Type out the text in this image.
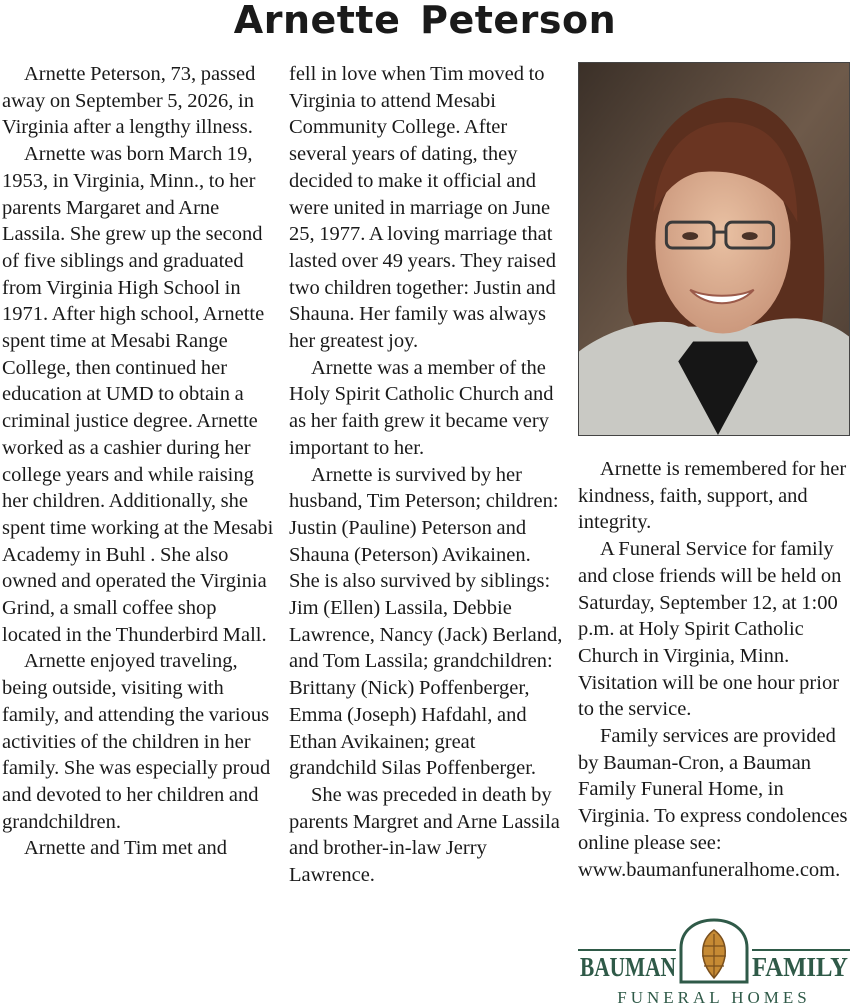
Arnette Peterson

Arnette Peterson, 73, passed away on September 5, 2026, in Virginia after a lengthy illness.

Arnette was born March 19, 1953, in Virginia, Minn., to her parents Margaret and Arne Lassila. She grew up the second of five siblings and graduated from Virginia High School in 1971. After high school, Arnette spent time at Mesabi Range College, then continued her education at UMD to obtain a criminal justice degree. Arnette worked as a cashier during her college years and while raising her children. Additionally, she spent time working at the Mesabi Academy in Buhl . She also owned and operated the Virginia Grind, a small coffee shop located in the Thunderbird Mall.

Arnette enjoyed traveling, being outside, visiting with family, and attending the various activities of the children in her family. She was especially proud and devoted to her children and grandchildren.

Arnette and Tim met and

fell in love when Tim moved to Virginia to attend Mesabi Community College. After several years of dating, they decided to make it official and were united in marriage on June 25, 1977. A loving marriage that lasted over 49 years. They raised two children together: Justin and Shauna. Her family was always her greatest joy.

Arnette was a member of the Holy Spirit Catholic Church and as her faith grew it became very important to her.

Arnette is survived by her husband, Tim Peterson; children: Justin (Pauline) Peterson and Shauna (Peterson) Avikainen. She is also survived by siblings: Jim (Ellen) Lassila, Debbie Lawrence, Nancy (Jack) Berland, and Tom Lassila; grandchildren: Brittany (Nick) Poffenberger, Emma (Joseph) Hafdahl, and Ethan Avikainen; great grandchild Silas Poffenberger.

She was preceded in death by parents Margret and Arne Lassila and brother-in-law Jerry Lawrence.

Arnette is remembered for her kindness, faith, support, and integrity.

A Funeral Service for family and close friends will be held on Saturday, September 12, at 1:00 p.m. at Holy Spirit Catholic Church in Virginia, Minn. Visitation will be one hour prior to the service.

Family services are provided by Bauman-Cron, a Bauman Family Funeral Home, in Virginia. To express condolences online please see: www.baumanfuneralhome.com.

BAUMAN	FAMILY
FUNERAL HOMES
